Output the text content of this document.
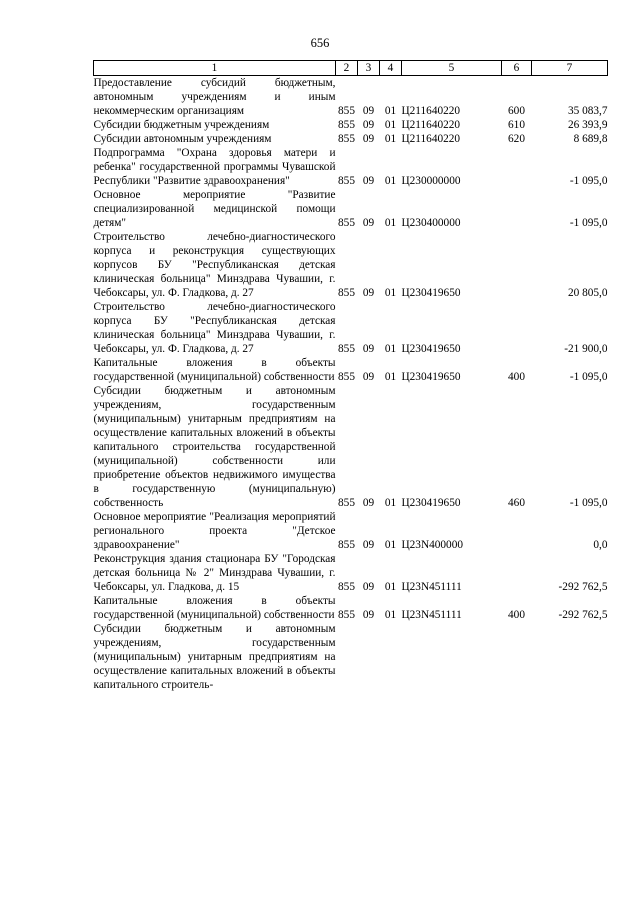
656
1	2	3	4	5	6	7
Предоставление субсидий бюджетным, автономным учреждениям и иным некоммерческим организациям	855	09	01	Ц211640220	600	35 083,7
Субсидии бюджетным учреждениям	855	09	01	Ц211640220	610	26 393,9
Субсидии автономным учреждениям	855	09	01	Ц211640220	620	8 689,8
Подпрограмма "Охрана здоровья матери и ребенка" государственной программы Чувашской Республики "Развитие здравоохранения"	855	09	01	Ц230000000		-1 095,0
Основное мероприятие "Развитие специализированной медицинской помощи детям"	855	09	01	Ц230400000		-1 095,0
Строительство лечебно-диагностического корпуса и реконструкция существующих корпусов БУ "Республиканская детская клиническая больница" Минздрава Чувашии, г. Чебоксары, ул. Ф. Гладкова, д. 27	855	09	01	Ц230419650		20 805,0
Строительство лечебно-диагностического корпуса БУ "Республиканская детская клиническая больница" Минздрава Чувашии, г. Чебоксары, ул. Ф. Гладкова, д. 27	855	09	01	Ц230419650		-21 900,0
Капитальные вложения в объекты государственной (муниципальной) собственности	855	09	01	Ц230419650	400	-1 095,0
Субсидии бюджетным и автономным учреждениям, государственным (муниципальным) унитарным предприятиям на осуществление капитальных вложений в объекты капитального строительства государственной (муниципальной) собственности или приобретение объектов недвижимого имущества в государственную (муниципальную) собственность	855	09	01	Ц230419650	460	-1 095,0
Основное мероприятие "Реализация мероприятий регионального проекта "Детское здравоохранение"	855	09	01	Ц23N400000		0,0
Реконструкция здания стационара БУ "Городская детская больница № 2" Минздрава Чувашии, г. Чебоксары, ул. Гладкова, д. 15	855	09	01	Ц23N451111		-292 762,5
Капитальные вложения в объекты государственной (муниципальной) собственности	855	09	01	Ц23N451111	400	-292 762,5
Субсидии бюджетным и автономным учреждениям, государственным (муниципальным) унитарным предприятиям на осуществление капитальных вложений в объекты капитального строитель-						
